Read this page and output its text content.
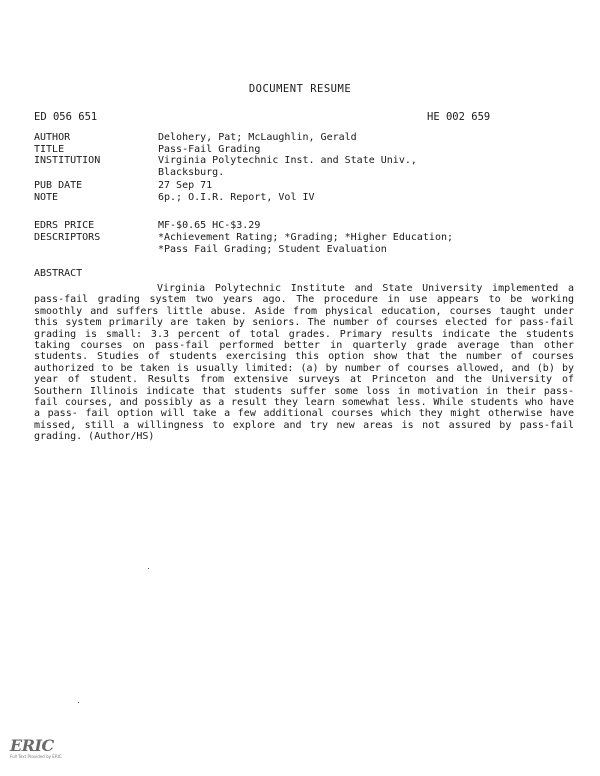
DOCUMENT RESUME
ED 056 651	HE 002 659
AUTHOR	Delohery, Pat; McLaughlin, Gerald
TITLE	Pass-Fail Grading
INSTITUTION	Virginia Polytechnic Inst. and State Univ.,
Blacksburg.
PUB DATE	27 Sep 71
NOTE	6p.; O.I.R. Report, Vol IV
EDRS PRICE	MF-$0.65 HC-$3.29
DESCRIPTORS	*Achievement Rating; *Grading; *Higher Education;
*Pass Fail Grading; Student Evaluation
ABSTRACT

Virginia Polytechnic Institute and State University implemented a pass-fail grading system two years ago. The procedure in use appears to be working smoothly and suffers little abuse. Aside from physical education, courses taught under this system primarily are taken by seniors. The number of courses elected for pass-fail grading is small: 3.3 percent of total grades. Primary results indicate the students taking courses on pass-fail performed better in quarterly grade average than other students. Studies of students exercising this option show that the number of courses authorized to be taken is usually limited: (a) by number of courses allowed, and (b) by year of student. Results from extensive surveys at Princeton and the University of Southern Illinois indicate that students suffer some loss in motivation in their pass-fail courses, and possibly as a result they learn somewhat less. While students who have a pass- fail option will take a few additional courses which they might otherwise have missed, still a willingness to explore and try new areas is not assured by pass-fail grading. (Author/HS)

ERIC
Full Text Provided by ERIC
